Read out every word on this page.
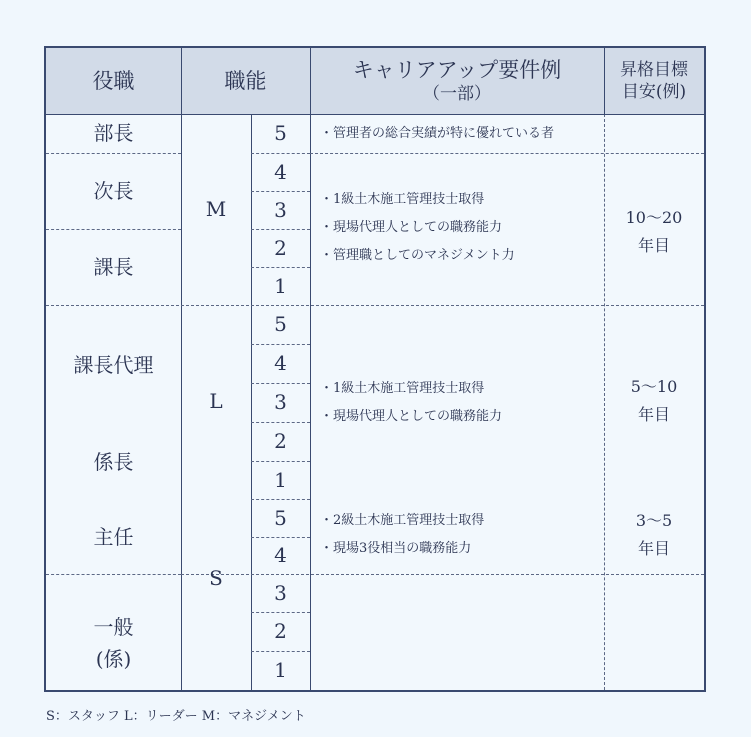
役職	職能	キャリアアップ要件例
（一部）
昇格目標
目安(例)
部長
次長
課長
課長代理
係長
主任
一般
(係)
M
L
S
5
4
3
2
1
5
4
3
2
1
5
4
3
2
1
・管理者の総合実績が特に優れている者
・1級土木施工管理技士取得
・現場代理人としての職務能力
・管理職としてのマネジメント力
・1級土木施工管理技士取得
・現場代理人としての職務能力
・2級土木施工管理技士取得
・現場3役相当の職務能力
10〜20
年目
5〜10
年目
3〜5
年目
S：スタッフ L：リーダー M：マネジメント
